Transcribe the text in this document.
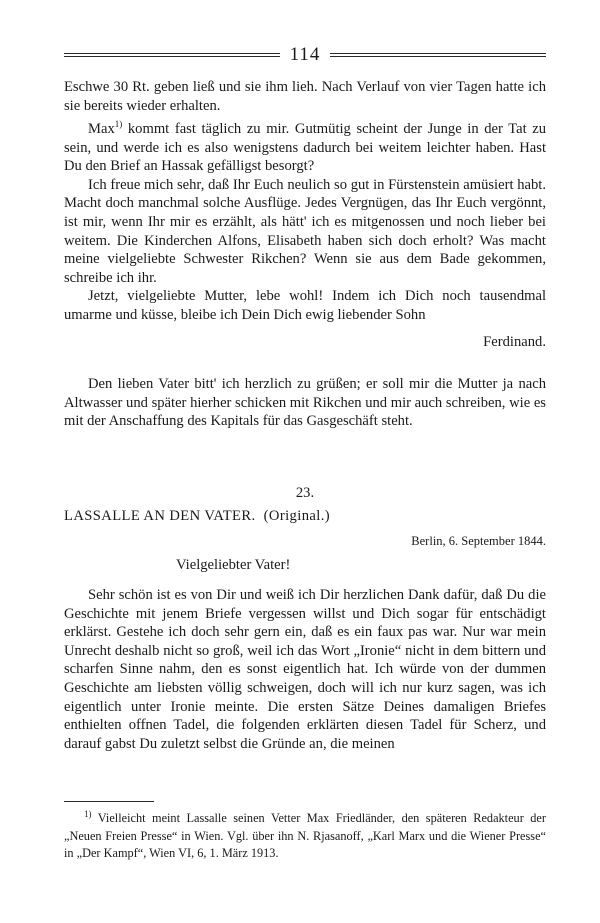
114

Eschwe 30 Rt. geben ließ und sie ihm lieh. Nach Verlauf von vier Tagen hatte ich sie bereits wieder erhalten.

Max$^{1)}$ kommt fast täglich zu mir. Gutmütig scheint der Junge in der Tat zu sein, und werde ich es also wenigstens dadurch bei weitem leichter haben. Hast Du den Brief an Hassak gefälligst besorgt?

Ich freue mich sehr, daß Ihr Euch neulich so gut in Fürstenstein amüsiert habt. Macht doch manchmal solche Ausflüge. Jedes Vergnügen, das Ihr Euch vergönnt, ist mir, wenn Ihr mir es erzählt, als hätt' ich es mitgenossen und noch lieber bei weitem. Die Kinderchen Alfons, Elisabeth haben sich doch erholt? Was macht meine vielgeliebte Schwester Rikchen? Wenn sie aus dem Bade gekommen, schreibe ich ihr.

Jetzt, vielgeliebte Mutter, lebe wohl! Indem ich Dich noch tausendmal umarme und küsse, bleibe ich Dein Dich ewig liebender Sohn

Ferdinand.

Den lieben Vater bitt' ich herzlich zu grüßen; er soll mir die Mutter ja nach Altwasser und später hierher schicken mit Rikchen und mir auch schreiben, wie es mit der Anschaffung des Kapitals für das Gasgeschäft steht.

23.
LASSALLE AN DEN VATER. (Original.)
Berlin, 6. September 1844.
Vielgeliebter Vater!

Sehr schön ist es von Dir und weiß ich Dir herzlichen Dank dafür, daß Du die Geschichte mit jenem Briefe vergessen willst und Dich sogar für entschädigt erklärst. Gestehe ich doch sehr gern ein, daß es ein faux pas war. Nur war mein Unrecht deshalb nicht so groß, weil ich das Wort „Ironie“ nicht in dem bittern und scharfen Sinne nahm, den es sonst eigentlich hat. Ich würde von der dummen Geschichte am liebsten völlig schweigen, doch will ich nur kurz sagen, was ich eigentlich unter Ironie meinte. Die ersten Sätze Deines damaligen Briefes enthielten offnen Tadel, die folgenden erklärten diesen Tadel für Scherz, und darauf gabst Du zuletzt selbst die Gründe an, die meinen

$^{1)}$ Vielleicht meint Lassalle seinen Vetter Max Friedländer, den späteren Redakteur der „Neuen Freien Presse“ in Wien. Vgl. über ihn N. Rjasanoff, „Karl Marx und die Wiener Presse“ in „Der Kampf“, Wien VI, 6, 1. März 1913.
